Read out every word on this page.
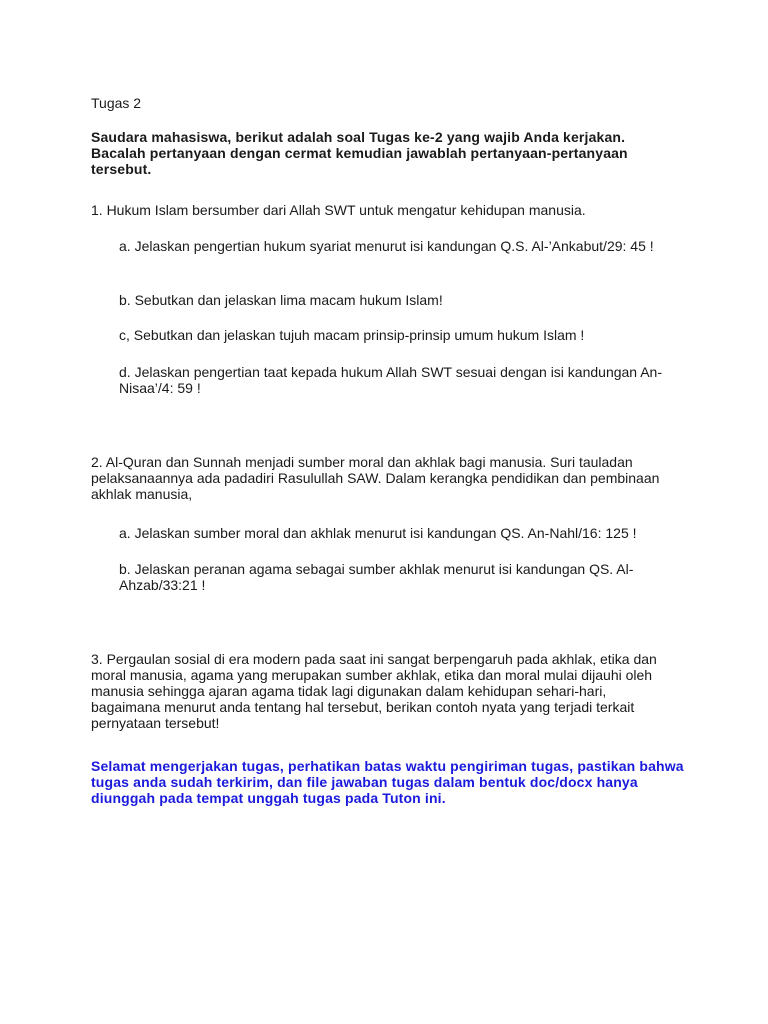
Tugas 2

Saudara mahasiswa, berikut adalah soal Tugas ke-2 yang wajib Anda kerjakan. Bacalah pertanyaan dengan cermat kemudian jawablah pertanyaan-pertanyaan tersebut.

1. Hukum Islam bersumber dari Allah SWT untuk mengatur kehidupan manusia.

a. Jelaskan pengertian hukum syariat menurut isi kandungan Q.S. Al-’Ankabut/29: 45 !

b. Sebutkan dan jelaskan lima macam hukum Islam!

c, Sebutkan dan jelaskan tujuh macam prinsip-prinsip umum hukum Islam !

d. Jelaskan pengertian taat kepada hukum Allah SWT sesuai dengan isi kandungan An-Nisaa’/4: 59 !

2. Al-Quran dan Sunnah menjadi sumber moral dan akhlak bagi manusia. Suri tauladan pelaksanaannya ada padadiri Rasulullah SAW. Dalam kerangka pendidikan dan pembinaan akhlak manusia,

a. Jelaskan sumber moral dan akhlak menurut isi kandungan QS. An-Nahl/16: 125 !

b. Jelaskan peranan agama sebagai sumber akhlak menurut isi kandungan QS. Al-Ahzab/33:21 !

3. Pergaulan sosial di era modern pada saat ini sangat berpengaruh pada akhlak, etika dan moral manusia, agama yang merupakan sumber akhlak, etika dan moral mulai dijauhi oleh manusia sehingga ajaran agama tidak lagi digunakan dalam kehidupan sehari-hari, bagaimana menurut anda tentang hal tersebut, berikan contoh nyata yang terjadi terkait pernyataan tersebut!

Selamat mengerjakan tugas, perhatikan batas waktu pengiriman tugas, pastikan bahwa tugas anda sudah terkirim, dan file jawaban tugas dalam bentuk doc/docx hanya diunggah pada tempat unggah tugas pada Tuton ini.
